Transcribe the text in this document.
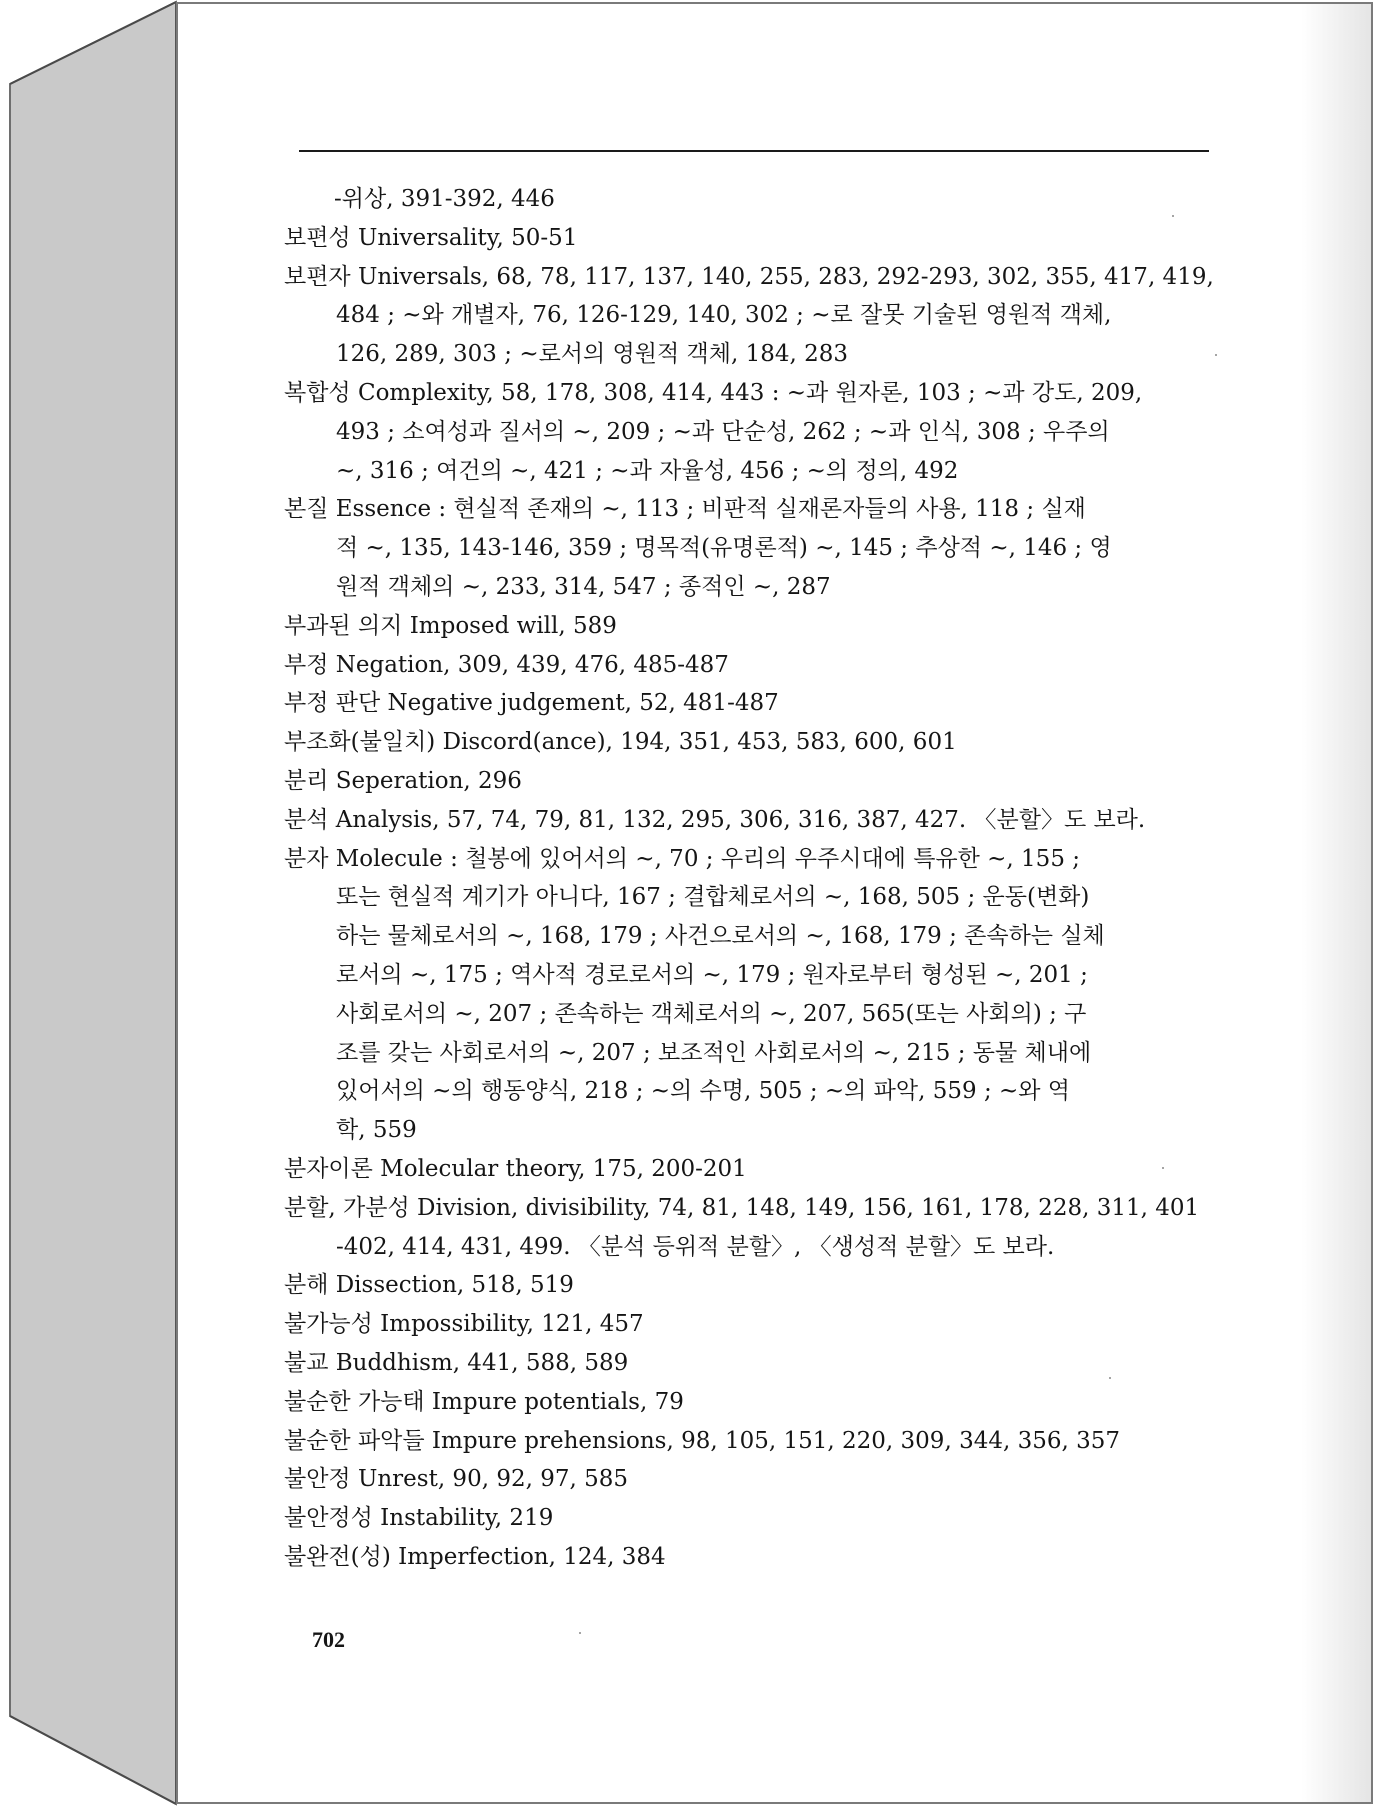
-위상, 391-392, 446
보편성 Universality, 50-51
보편자 Universals, 68, 78, 117, 137, 140, 255, 283, 292-293, 302, 355, 417, 419,
484 ; ~와 개별자, 76, 126-129, 140, 302 ; ~로 잘못 기술된 영원적 객체,
126, 289, 303 ; ~로서의 영원적 객체, 184, 283
복합성 Complexity, 58, 178, 308, 414, 443 : ~과 원자론, 103 ; ~과 강도, 209,
493 ; 소여성과 질서의 ~, 209 ; ~과 단순성, 262 ; ~과 인식, 308 ; 우주의
~, 316 ; 여건의 ~, 421 ; ~과 자율성, 456 ; ~의 정의, 492
본질 Essence : 현실적 존재의 ~, 113 ; 비판적 실재론자들의 사용, 118 ; 실재
적 ~, 135, 143-146, 359 ; 명목적(유명론적) ~, 145 ; 추상적 ~, 146 ; 영
원적 객체의 ~, 233, 314, 547 ; 종적인 ~, 287
부과된 의지 Imposed will, 589
부정 Negation, 309, 439, 476, 485-487
부정 판단 Negative judgement, 52, 481-487
부조화(불일치) Discord(ance), 194, 351, 453, 583, 600, 601
분리 Seperation, 296
분석 Analysis, 57, 74, 79, 81, 132, 295, 306, 316, 387, 427. 〈분할〉도 보라.
분자 Molecule : 철봉에 있어서의 ~, 70 ; 우리의 우주시대에 특유한 ~, 155 ;
또는 현실적 계기가 아니다, 167 ; 결합체로서의 ~, 168, 505 ; 운동(변화)
하는 물체로서의 ~, 168, 179 ; 사건으로서의 ~, 168, 179 ; 존속하는 실체
로서의 ~, 175 ; 역사적 경로로서의 ~, 179 ; 원자로부터 형성된 ~, 201 ;
사회로서의 ~, 207 ; 존속하는 객체로서의 ~, 207, 565(또는 사회의) ; 구
조를 갖는 사회로서의 ~, 207 ; 보조적인 사회로서의 ~, 215 ; 동물 체내에
있어서의 ~의 행동양식, 218 ; ~의 수명, 505 ; ~의 파악, 559 ; ~와 역
학, 559
분자이론 Molecular theory, 175, 200-201
분할, 가분성 Division, divisibility, 74, 81, 148, 149, 156, 161, 178, 228, 311, 401
-402, 414, 431, 499. 〈분석 등위적 분할〉, 〈생성적 분할〉도 보라.
분해 Dissection, 518, 519
불가능성 Impossibility, 121, 457
불교 Buddhism, 441, 588, 589
불순한 가능태 Impure potentials, 79
불순한 파악들 Impure prehensions, 98, 105, 151, 220, 309, 344, 356, 357
불안정 Unrest, 90, 92, 97, 585
불안정성 Instability, 219
불완전(성) Imperfection, 124, 384
702
